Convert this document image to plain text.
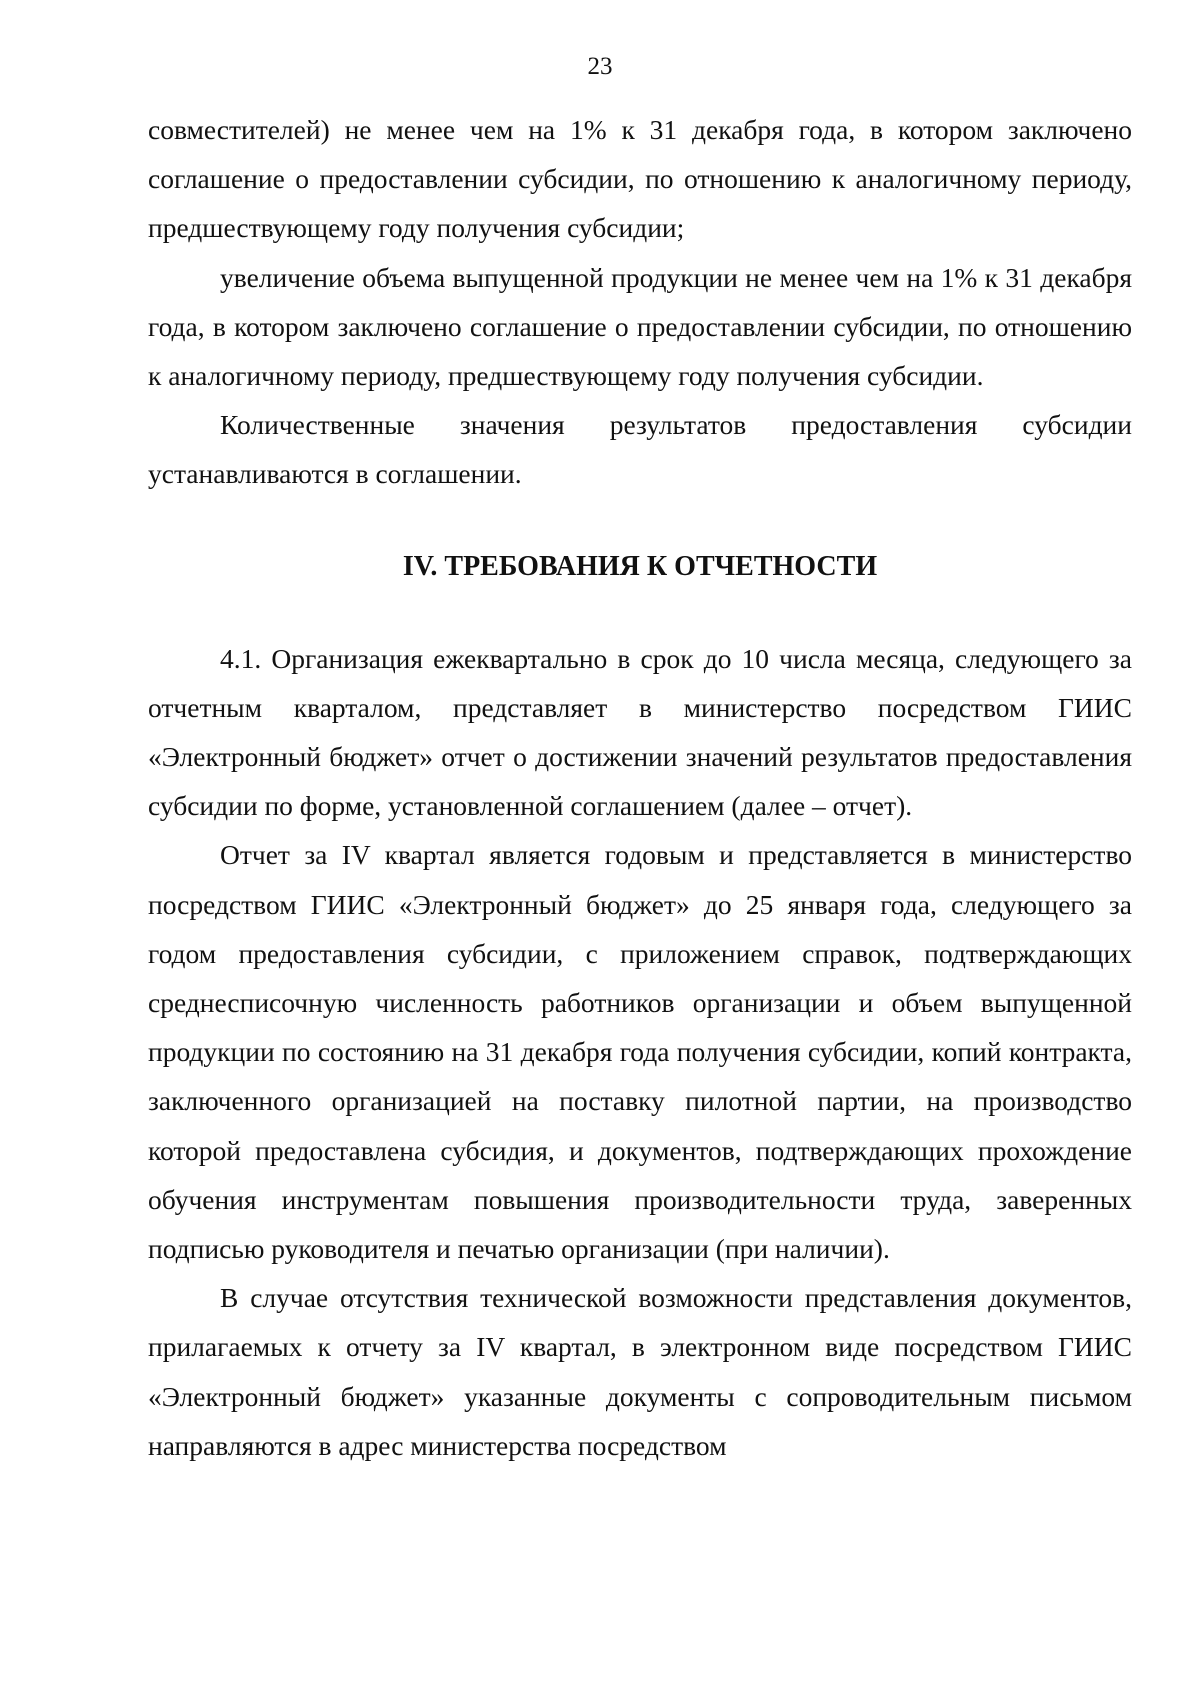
23

совместителей) не менее чем на 1% к 31 декабря года, в котором заключено соглашение о предоставлении субсидии, по отношению к аналогичному периоду, предшествующему году получения субсидии;

увеличение объема выпущенной продукции не менее чем на 1% к 31 декабря года, в котором заключено соглашение о предоставлении субсидии, по отношению к аналогичному периоду, предшествующему году получения субсидии.

Количественные значения результатов предоставления субсидии устанавливаются в соглашении.

IV. ТРЕБОВАНИЯ К ОТЧЕТНОСТИ

4.1. Организация ежеквартально в срок до 10 числа месяца, следующего за отчетным кварталом, представляет в министерство посредством ГИИС «Электронный бюджет» отчет о достижении значений результатов предоставления субсидии по форме, установленной соглашением (далее – отчет).

Отчет за IV квартал является годовым и представляется в министерство посредством ГИИС «Электронный бюджет» до 25 января года, следующего за годом предоставления субсидии, с приложением справок, подтверждающих среднесписочную численность работников организации и объем выпущенной продукции по состоянию на 31 декабря года получения субсидии, копий контракта, заключенного организацией на поставку пилотной партии, на производство которой предоставлена субсидия, и документов, подтверждающих прохождение обучения инструментам повышения производительности труда, заверенных подписью руководителя и печатью организации (при наличии).

В случае отсутствия технической возможности представления документов, прилагаемых к отчету за IV квартал, в электронном виде посредством ГИИС «Электронный бюджет» указанные документы с сопроводительным письмом направляются в адрес министерства посредством
